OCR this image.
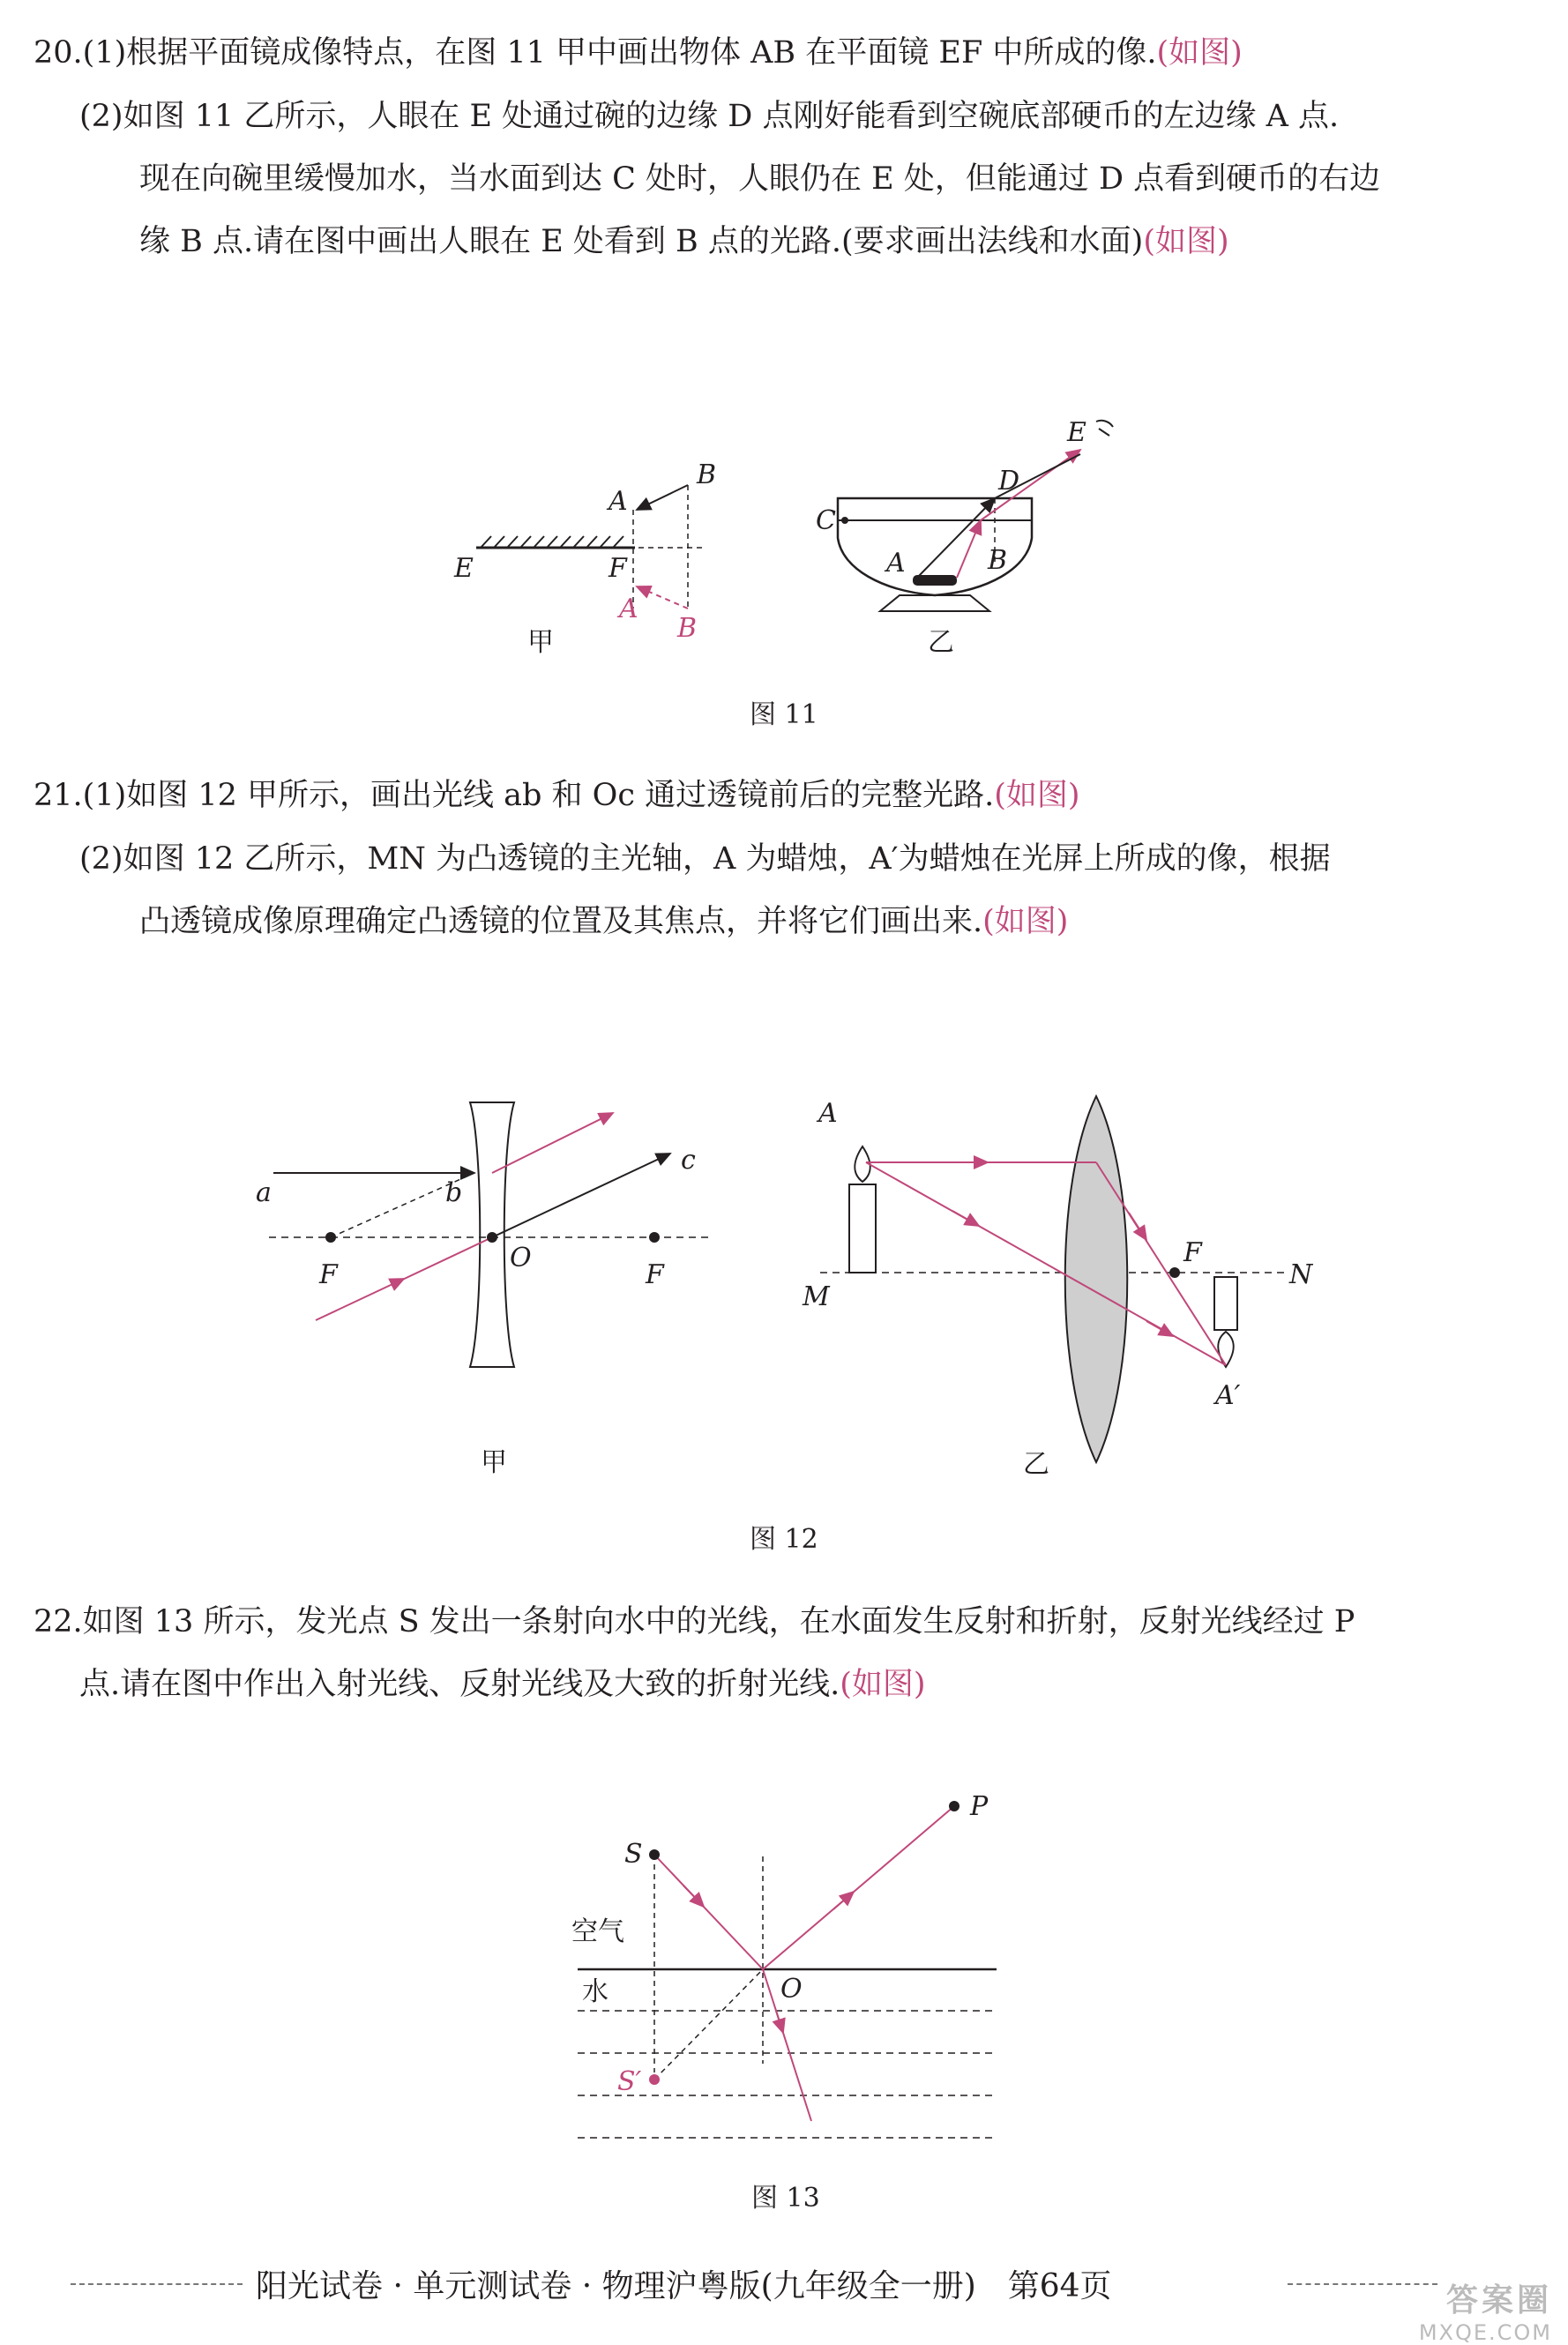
20.(1)根据平面镜成像特点，在图 11 甲中画出物体 AB 在平面镜 EF 中所成的像.(如图)
(2)如图 11 乙所示，人眼在 E 处通过碗的边缘 D 点刚好能看到空碗底部硬币的左边缘 A 点.
现在向碗里缓慢加水，当水面到达 C 处时，人眼仍在 E 处，但能通过 D 点看到硬币的右边
缘 B 点.请在图中画出人眼在 E 处看到 B 点的光路.(要求画出法线和水面)(如图)
A
B
E	F
A
B
甲
C
D
E
A	B
乙
图 11
21.(1)如图 12 甲所示，画出光线 ab 和 Oc 通过透镜前后的完整光路.(如图)
(2)如图 12 乙所示，MN 为凸透镜的主光轴，A 为蜡烛，A′为蜡烛在光屏上所成的像，根据
凸透镜成像原理确定凸透镜的位置及其焦点，并将它们画出来.(如图)
a	b
c
O
F	F
甲
A
F
M
N
A′
乙
图 12
22.如图 13 所示，发光点 S 发出一条射向水中的光线，在水面发生反射和折射，反射光线经过 P
点.请在图中作出入射光线、反射光线及大致的折射光线.(如图)
S
P
O
S′
空气
水
图 13
阳光试卷 · 单元测试卷 · 物理沪粤版(九年级全一册)　第64页	答案圈
MXQE.COM
